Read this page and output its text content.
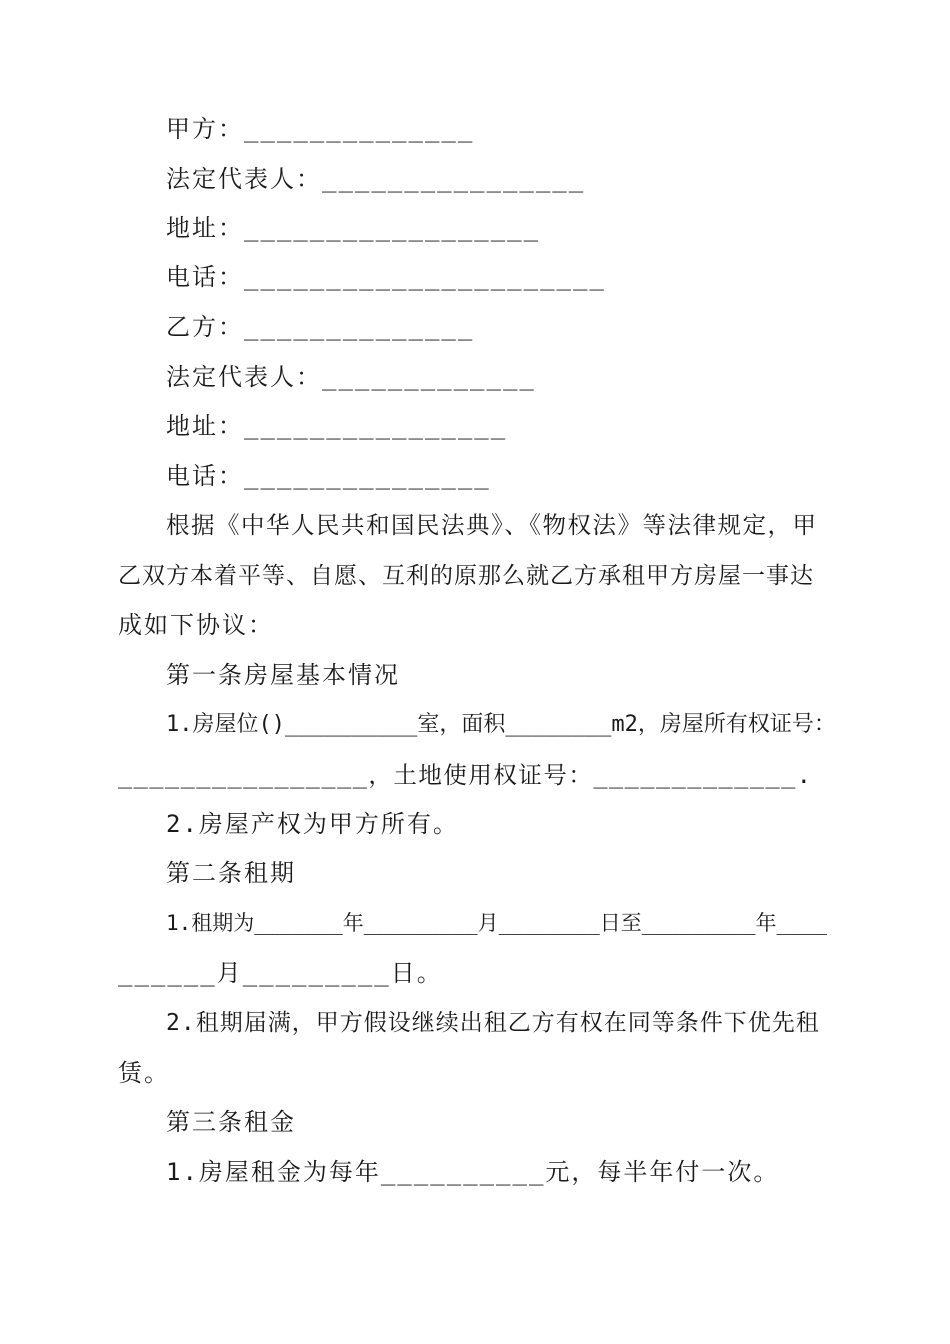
甲方：______________
法定代表人：________________
地址：__________________
电话：______________________
乙方：______________
法定代表人：_____________
地址：________________
电话：_______________
根据《中华人民共和国民法典》、《物权法》等法律规定，甲
乙双方本着平等、自愿、互利的原那么就乙方承租甲方房屋一事达
成如下协议：
第一条房屋基本情况
1.房屋位()__________室，面积________m2，房屋所有权证号：
________________，土地使用权证号：_____________.
2.房屋产权为甲方所有。
第二条租期
1.租期为_______年_________月________日至_________年____
______月_________日。
2.租期届满，甲方假设继续出租乙方有权在同等条件下优先租
赁。
第三条租金
1.房屋租金为每年__________元，每半年付一次。
